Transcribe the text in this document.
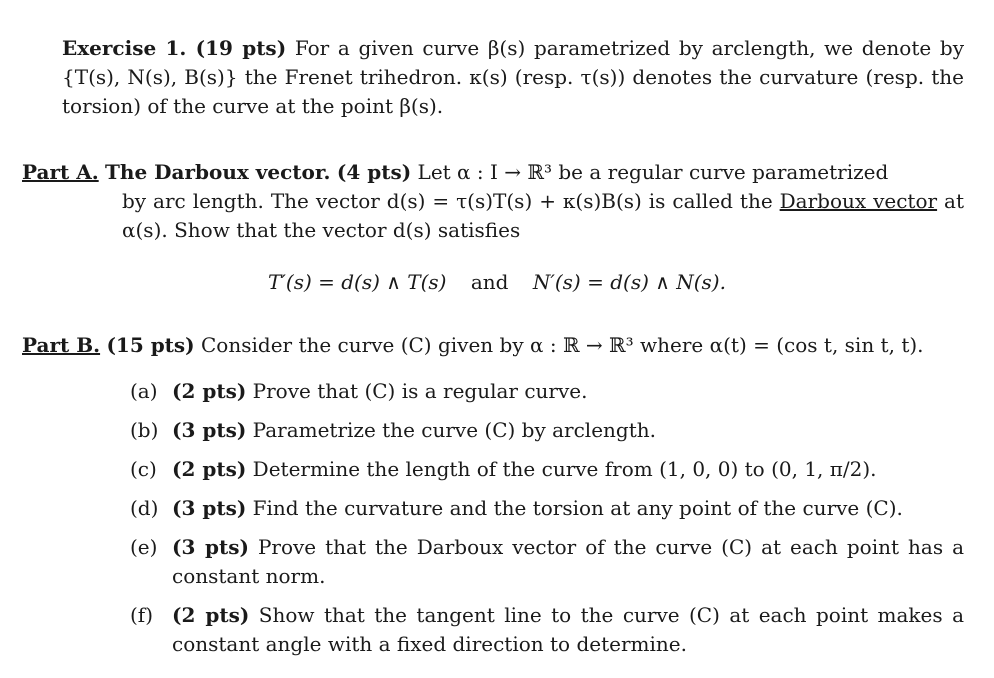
Exercise 1. (19 pts) For a given curve β(s) parametrized by arclength, we denote by {T(s), N(s), B(s)} the Frenet trihedron. κ(s) (resp. τ(s)) denotes the curvature (resp. the torsion) of the curve at the point β(s).
Part A. The Darboux vector. (4 pts) Let α : I → ℝ³ be a regular curve parametrized
by arc length. The vector d(s) = τ(s)T(s) + κ(s)B(s) is called the Darboux vector at α(s). Show that the vector d(s) satisfies
T′(s) = d(s) ∧ T(s) and N′(s) = d(s) ∧ N(s).
Part B. (15 pts) Consider the curve (C) given by α : ℝ → ℝ³ where α(t) = (cos t, sin t, t).
(a) (2 pts) Prove that (C) is a regular curve.
(b) (3 pts) Parametrize the curve (C) by arclength.
(c) (2 pts) Determine the length of the curve from (1, 0, 0) to (0, 1, π/2).
(d) (3 pts) Find the curvature and the torsion at any point of the curve (C).
(e) (3 pts) Prove that the Darboux vector of the curve (C) at each point has a constant norm.
(f) (2 pts) Show that the tangent line to the curve (C) at each point makes a constant angle with a fixed direction to determine.
